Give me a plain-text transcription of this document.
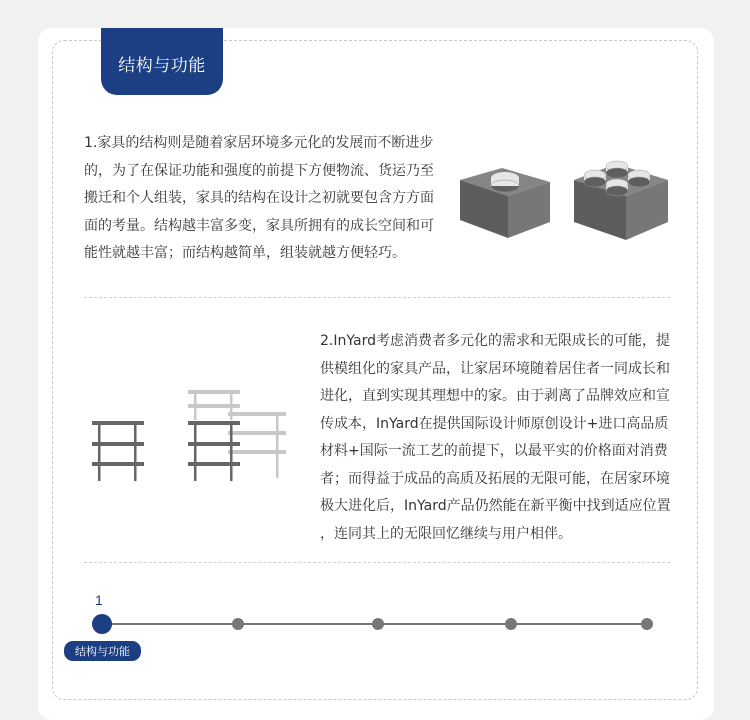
结构与功能
1.家具的结构则是随着家居环境多元化的发展而不断进步
的，为了在保证功能和强度的前提下方便物流、货运乃至
搬迁和个人组装，家具的结构在设计之初就要包含方方面
面的考量。结构越丰富多变，家具所拥有的成长空间和可
能性就越丰富；而结构越简单，组装就越方便轻巧。
2.InYard考虑消费者多元化的需求和无限成长的可能，提
供模组化的家具产品，让家居环境随着居住者一同成长和
进化，直到实现其理想中的家。由于剥离了品牌效应和宣
传成本，InYard在提供国际设计师原创设计+进口高品质
材料+国际一流工艺的前提下，以最平实的价格面对消费
者；而得益于成品的高质及拓展的无限可能，在居家环境
极大进化后，InYard产品仍然能在新平衡中找到适应位置
，连同其上的无限回忆继续与用户相伴。
1
结构与功能
